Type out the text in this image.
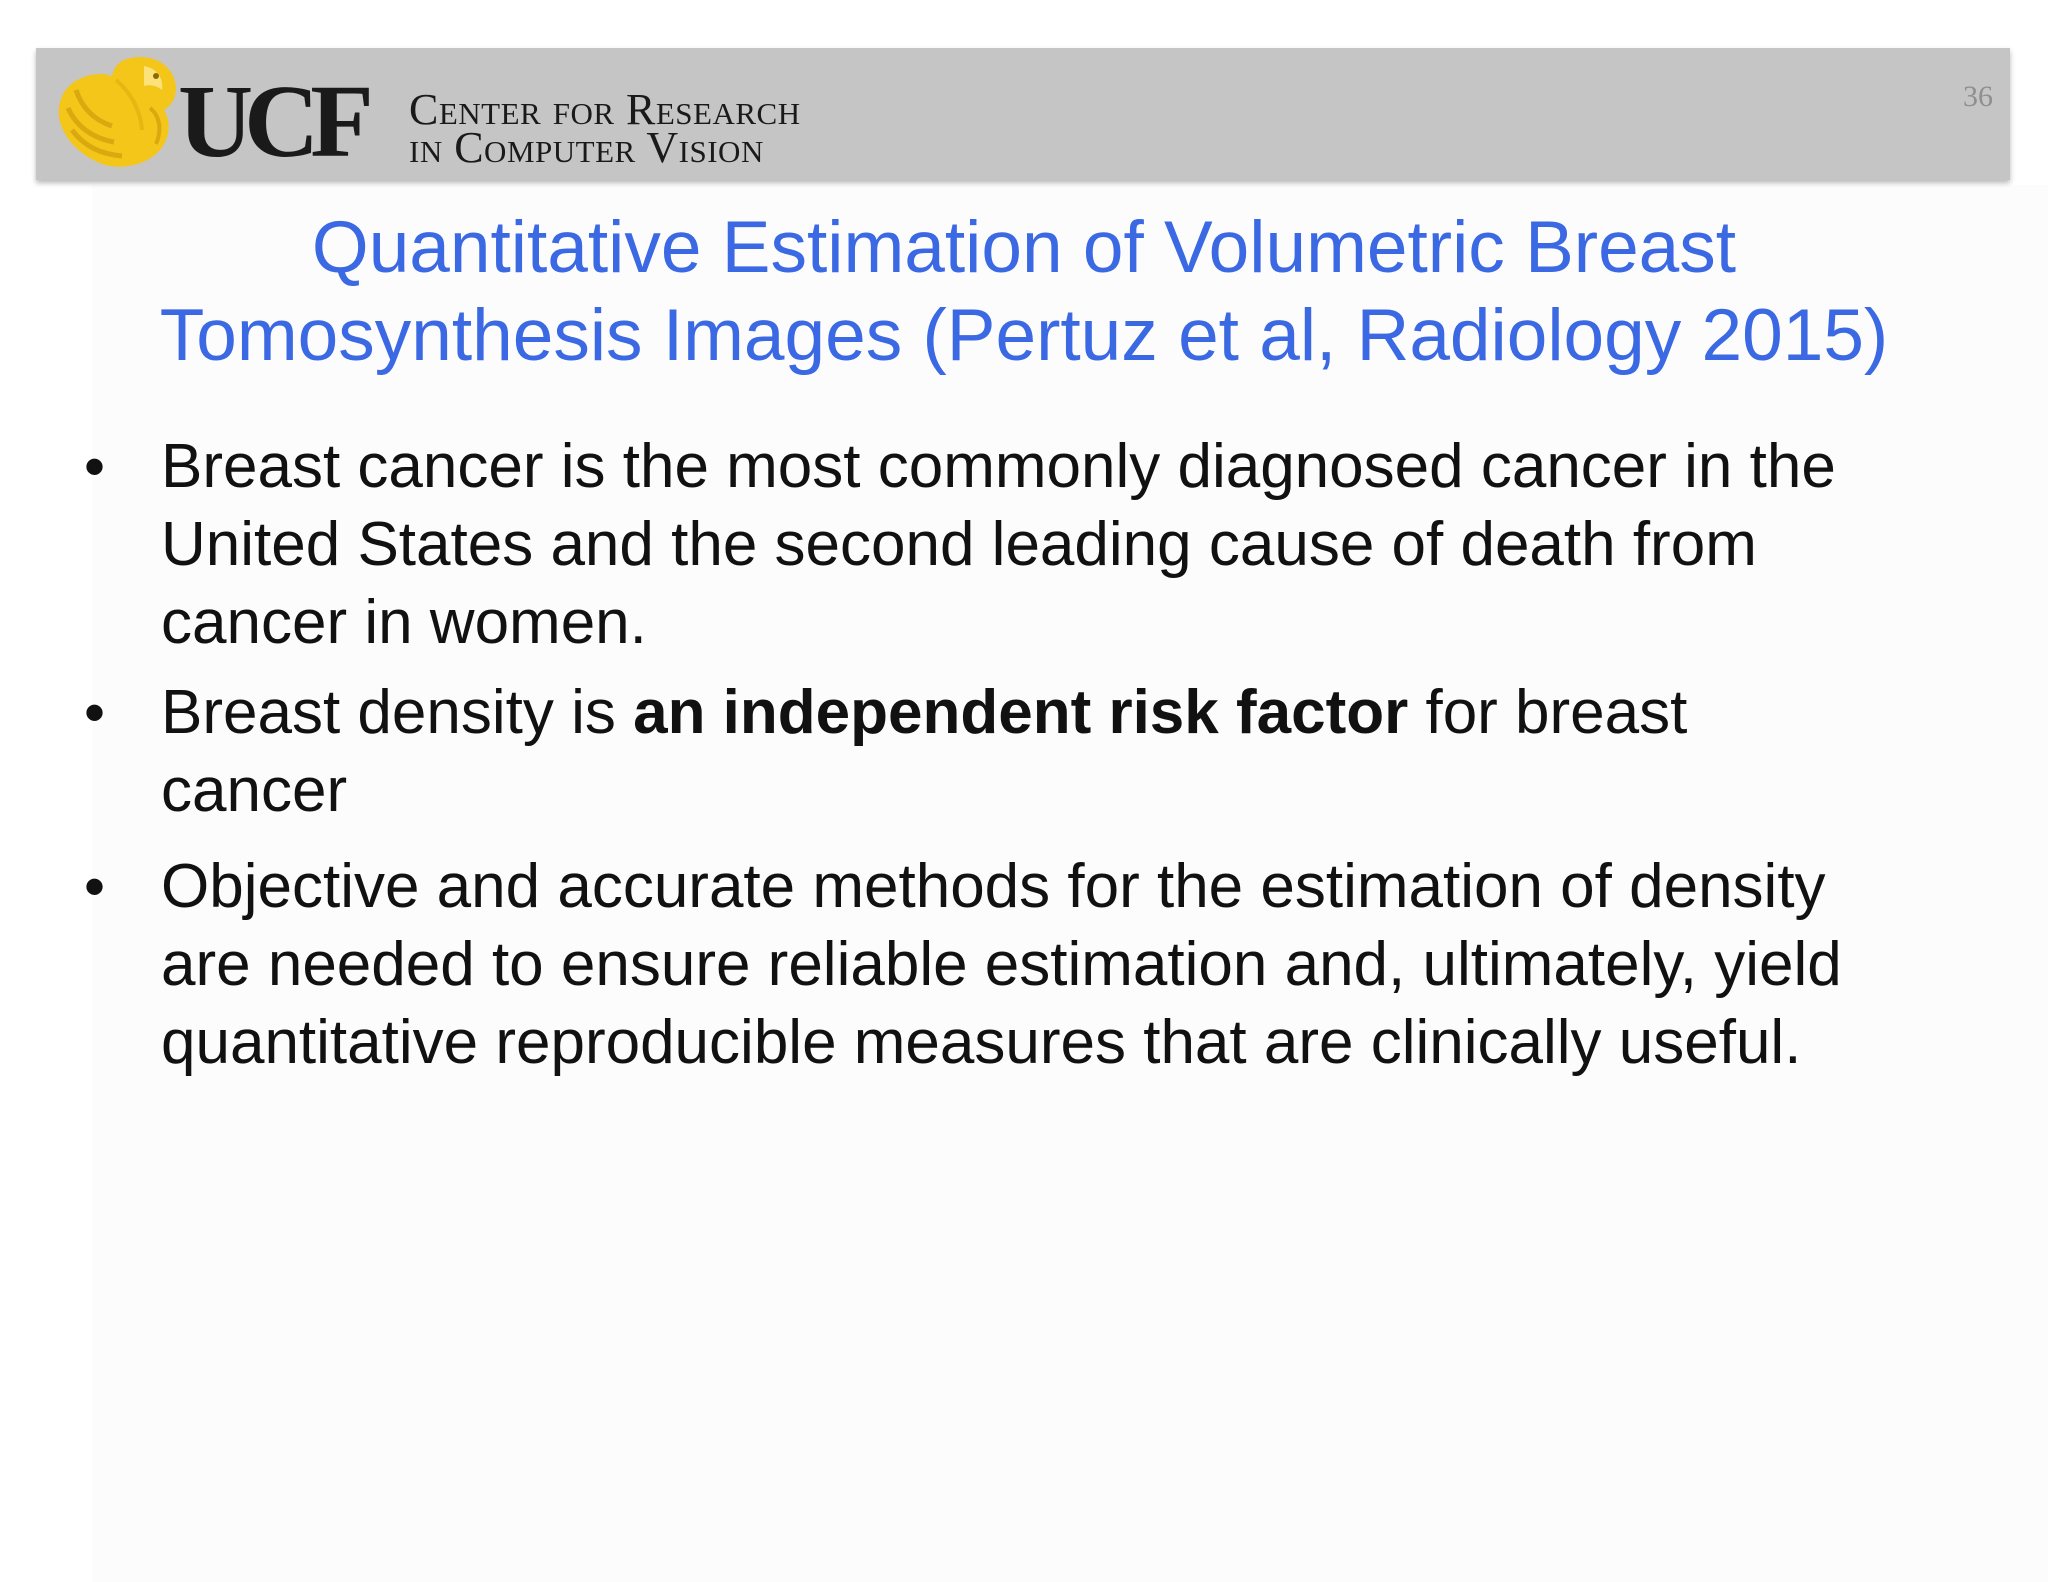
UCF Center for Research
in Computer Vision
36
Quantitative Estimation of Volumetric Breast
Tomosynthesis Images (Pertuz et al, Radiology 2015)
• Breast cancer is the most commonly diagnosed cancer in the
United States and the second leading cause of death from
cancer in women.
• Breast density is an independent risk factor for breast
cancer
• Objective and accurate methods for the estimation of density
are needed to ensure reliable estimation and, ultimately, yield
quantitative reproducible measures that are clinically useful.
